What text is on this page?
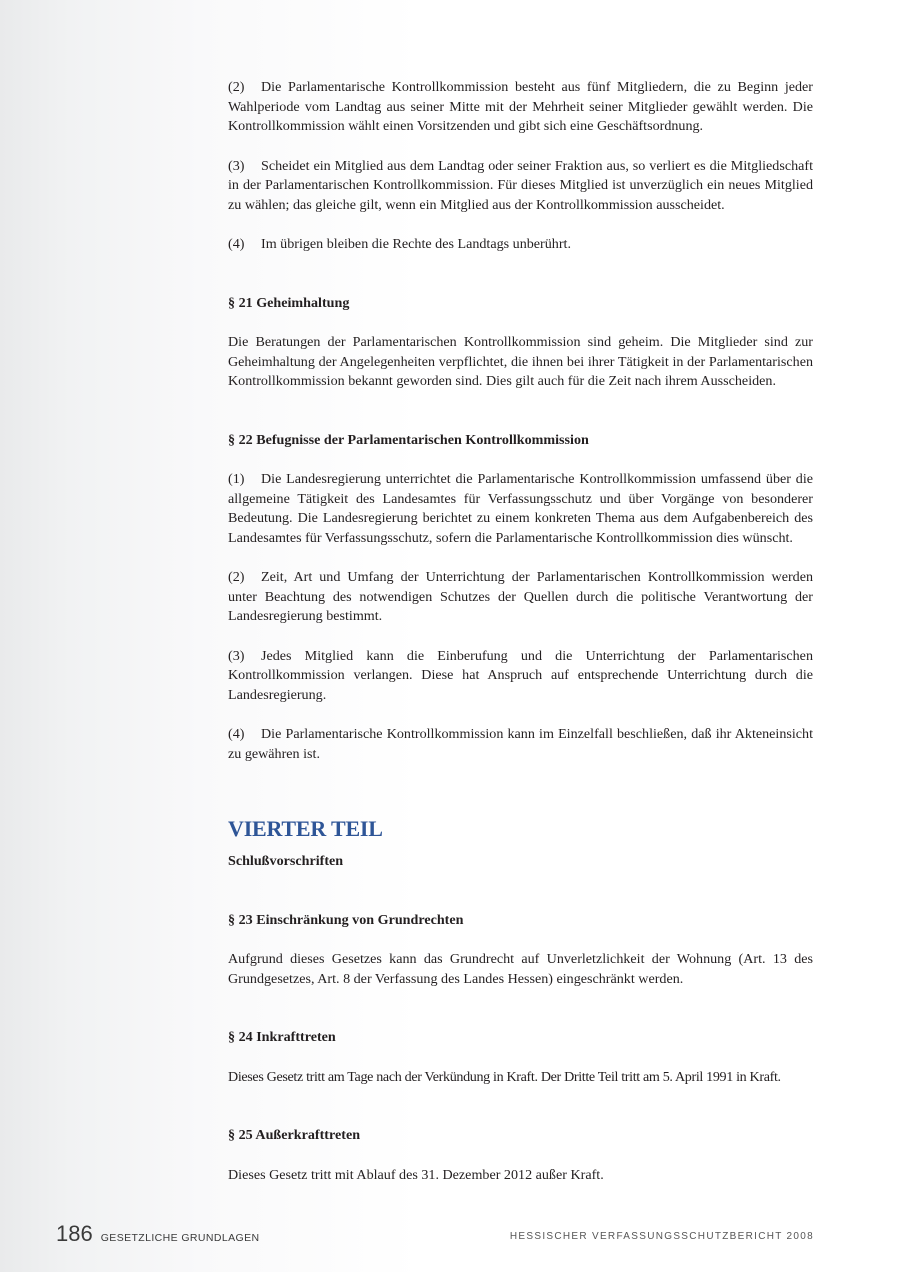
(2) Die Parlamentarische Kontrollkommission besteht aus fünf Mitgliedern, die zu Beginn jeder Wahlperiode vom Landtag aus seiner Mitte mit der Mehrheit seiner Mitglieder gewählt werden. Die Kontrollkommission wählt einen Vorsitzenden und gibt sich eine Geschäftsordnung.

(3) Scheidet ein Mitglied aus dem Landtag oder seiner Fraktion aus, so verliert es die Mitgliedschaft in der Parlamentarischen Kontrollkommission. Für dieses Mitglied ist unverzüglich ein neues Mitglied zu wählen; das gleiche gilt, wenn ein Mitglied aus der Kontrollkommission ausscheidet.

(4) Im übrigen bleiben die Rechte des Landtags unberührt.

§ 21 Geheimhaltung

Die Beratungen der Parlamentarischen Kontrollkommission sind geheim. Die Mitglieder sind zur Geheimhaltung der Angelegenheiten verpflichtet, die ihnen bei ihrer Tätigkeit in der Parlamentarischen Kontrollkommission bekannt geworden sind. Dies gilt auch für die Zeit nach ihrem Ausscheiden.

§ 22 Befugnisse der Parlamentarischen Kontrollkommission

(1) Die Landesregierung unterrichtet die Parlamentarische Kontrollkommission umfassend über die allgemeine Tätigkeit des Landesamtes für Verfassungsschutz und über Vorgänge von besonderer Bedeutung. Die Landesregierung berichtet zu einem konkreten Thema aus dem Aufgabenbereich des Landesamtes für Verfassungsschutz, sofern die Parlamentarische Kontrollkommission dies wünscht.

(2) Zeit, Art und Umfang der Unterrichtung der Parlamentarischen Kontrollkommission werden unter Beachtung des notwendigen Schutzes der Quellen durch die politische Verantwortung der Landesregierung bestimmt.

(3) Jedes Mitglied kann die Einberufung und die Unterrichtung der Parlamentarischen Kontrollkommission verlangen. Diese hat Anspruch auf entsprechende Unterrichtung durch die Landesregierung.

(4) Die Parlamentarische Kontrollkommission kann im Einzelfall beschließen, daß ihr Akteneinsicht zu gewähren ist.

VIERTER TEIL
Schlußvorschriften
§ 23 Einschränkung von Grundrechten

Aufgrund dieses Gesetzes kann das Grundrecht auf Unverletzlichkeit der Wohnung (Art. 13 des Grundgesetzes, Art. 8 der Verfassung des Landes Hessen) eingeschränkt werden.

§ 24 Inkrafttreten

Dieses Gesetz tritt am Tage nach der Verkündung in Kraft. Der Dritte Teil tritt am 5. April 1991 in Kraft.

§ 25 Außerkrafttreten

Dieses Gesetz tritt mit Ablauf des 31. Dezember 2012 außer Kraft.

186 GESETZLICHE GRUNDLAGEN	HESSISCHER VERFASSUNGSSCHUTZBERICHT 2008
